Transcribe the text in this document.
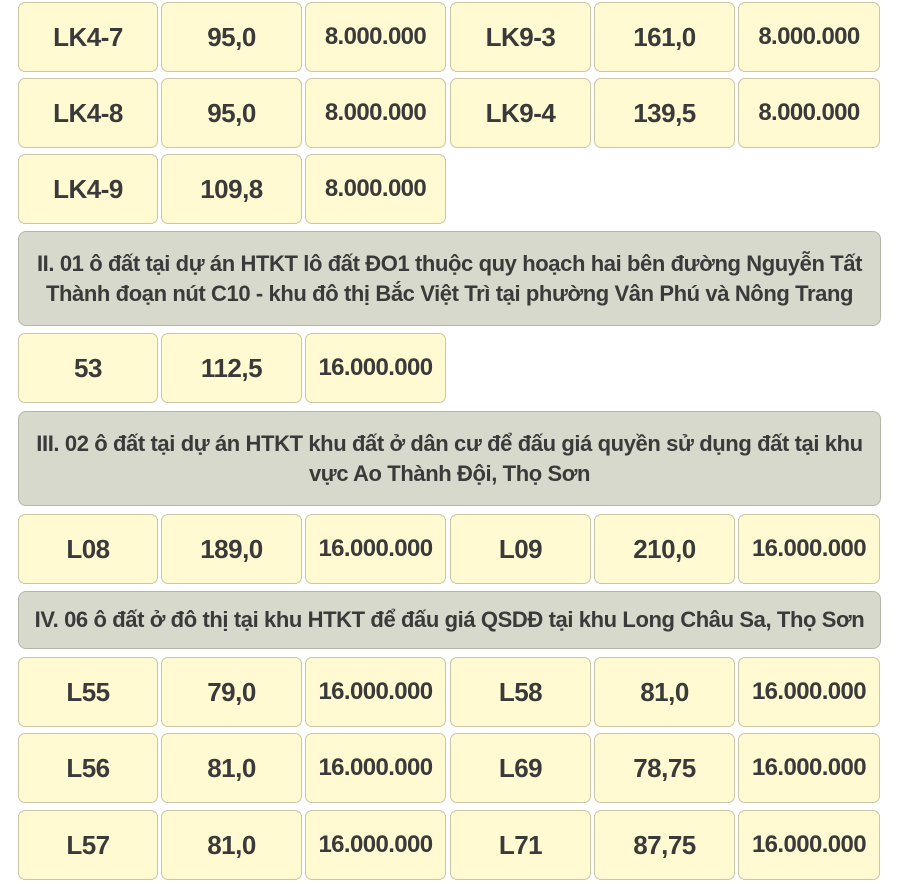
LK4-7	95,0	8.000.000	LK9-3	161,0	8.000.000
LK4-8	95,0	8.000.000	LK9-4	139,5	8.000.000
LK4-9	109,8	8.000.000
II. 01 ô đất tại dự án HTKT lô đất ĐO1 thuộc quy hoạch hai bên đường Nguyễn Tất Thành đoạn nút C10 - khu đô thị Bắc Việt Trì tại phường Vân Phú và Nông Trang
53	112,5	16.000.000
III. 02 ô đất tại dự án HTKT khu đất ở dân cư để đấu giá quyền sử dụng đất tại khu vực Ao Thành Đội, Thọ Sơn
L08	189,0	16.000.000	L09	210,0	16.000.000
IV. 06 ô đất ở đô thị tại khu HTKT để đấu giá QSDĐ tại khu Long Châu Sa, Thọ Sơn
L55	79,0	16.000.000	L58	81,0	16.000.000
L56	81,0	16.000.000	L69	78,75	16.000.000
L57	81,0	16.000.000	L71	87,75	16.000.000
